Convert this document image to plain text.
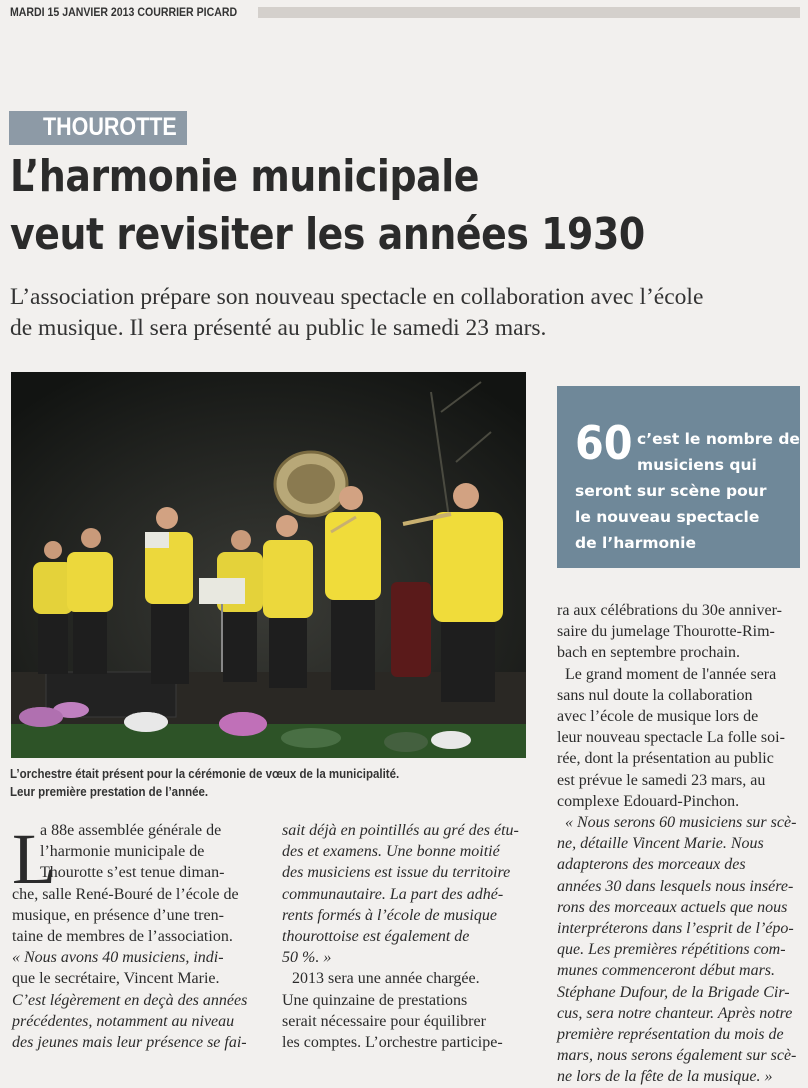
MARDI 15 JANVIER 2013 COURRIER PICARD
THOUROTTE
L’harmonie municipale
veut revisiter les années 1930
L’association prépare son nouveau spectacle en collaboration avec l’école
de musique. Il sera présenté au public le samedi 23 mars.
L’orchestre était présent pour la cérémonie de vœux de la municipalité.
Leur première prestation de l’année.
60 c’est le nombre de
musiciens qui
seront sur scène pour
le nouveau spectacle
de l’harmonie
L
a 88e assemblée générale de
l’harmonie municipale de
Thourotte s’est tenue diman-
che, salle René-Bouré de l’école de
musique, en présence d’une tren-
taine de membres de l’association.
« Nous avons 40 musiciens, indi-
que le secrétaire, Vincent Marie.
C’est légèrement en deçà des années
précédentes, notamment au niveau
des jeunes mais leur présence se fai-
sait déjà en pointillés au gré des étu-
des et examens. Une bonne moitié
des musiciens est issue du territoire
communautaire. La part des adhé-
rents formés à l’école de musique
thourottoise est également de
50 %. »
2013 sera une année chargée.
Une quinzaine de prestations
serait nécessaire pour équilibrer
les comptes. L’orchestre participe-
ra aux célébrations du 30e anniver-
saire du jumelage Thourotte-Rim-
bach en septembre prochain.
Le grand moment de l'année sera
sans nul doute la collaboration
avec l’école de musique lors de
leur nouveau spectacle La folle soi-
rée, dont la présentation au public
est prévue le samedi 23 mars, au
complexe Edouard-Pinchon.
« Nous serons 60 musiciens sur scè-
ne, détaille Vincent Marie. Nous
adapterons des morceaux des
années 30 dans lesquels nous insére-
rons des morceaux actuels que nous
interpréterons dans l’esprit de l’épo-
que. Les premières répétitions com-
munes commenceront début mars.
Stéphane Dufour, de la Brigade Cir-
cus, sera notre chanteur. Après notre
première représentation du mois de
mars, nous serons également sur scè-
ne lors de la fête de la musique. »
